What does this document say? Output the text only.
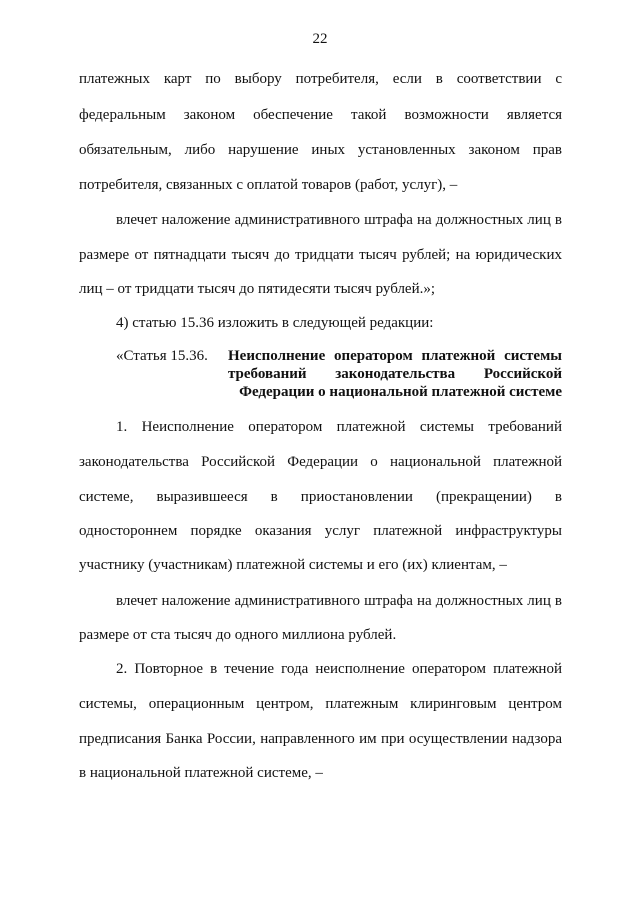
22
платежных карт по выбору потребителя, если в соответствии с
федеральным законом обеспечение такой возможности является
обязательным, либо нарушение иных установленных законом прав
потребителя, связанных с оплатой товаров (работ, услуг), –
влечет наложение административного штрафа на должностных лиц в
размере от пятнадцати тысяч до тридцати тысяч рублей; на юридических
лиц – от тридцати тысяч до пятидесяти тысяч рублей.»;
4) статью 15.36 изложить в следующей редакции:
«Статья 15.36. Неисполнение оператором платежной системы
требований законодательства Российской
Федерации о национальной платежной системе
1. Неисполнение оператором платежной системы требований
законодательства Российской Федерации о национальной платежной
системе, выразившееся в приостановлении (прекращении) в
одностороннем порядке оказания услуг платежной инфраструктуры
участнику (участникам) платежной системы и его (их) клиентам, –
влечет наложение административного штрафа на должностных лиц в
размере от ста тысяч до одного миллиона рублей.
2. Повторное в течение года неисполнение оператором платежной
системы, операционным центром, платежным клиринговым центром
предписания Банка России, направленного им при осуществлении надзора
в национальной платежной системе, –
